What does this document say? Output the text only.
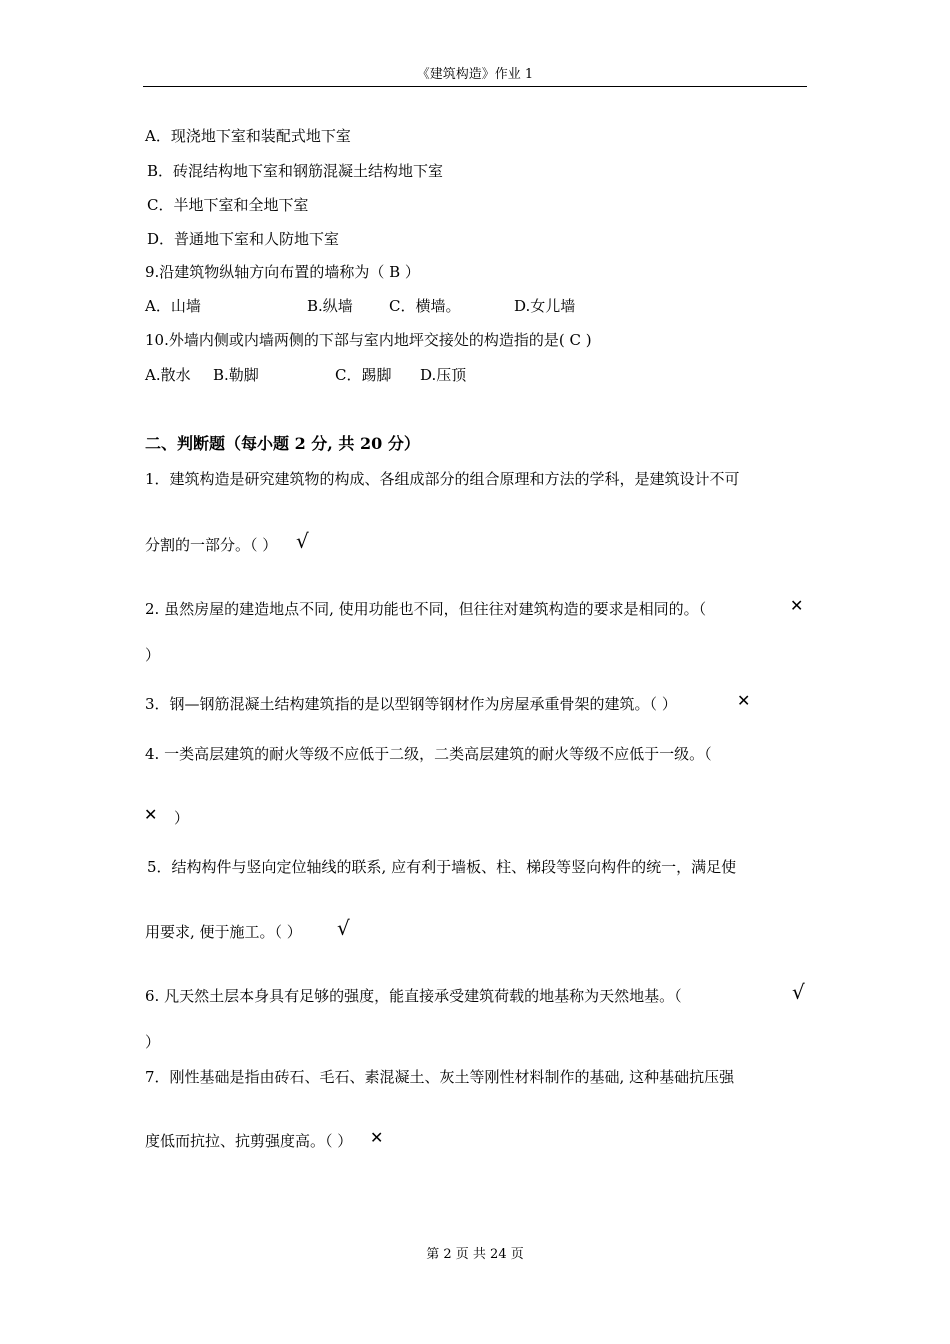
《建筑构造》作业 1
A．现浇地下室和装配式地下室
B．砖混结构地下室和钢筋混凝土结构地下室
C．半地下室和全地下室
D．普通地下室和人防地下室
9.沿建筑物纵轴方向布置的墙称为（ B ）
A．山墙	B.纵墙 C．横墙。	D.女儿墙
10.外墙内侧或内墙两侧的下部与室内地坪交接处的构造指的是( C )
A.散水 B.勒脚	C．踢脚 D.压顶
二、判断题（每小题 2 分, 共 20 分）
1．建筑构造是研究建筑物的构成、各组成部分的组合原理和方法的学科，是建筑设计不可
分割的一部分。（ ） √
2. 虽然房屋的建造地点不同, 使用功能也不同，但往往对建筑构造的要求是相同的。（	✕
）
3．钢—钢筋混凝土结构建筑指的是以型钢等钢材作为房屋承重骨架的建筑。（ ）	✕
4. 一类高层建筑的耐火等级不应低于二级，二类高层建筑的耐火等级不应低于一级。（
✕ ）
5．结构构件与竖向定位轴线的联系, 应有利于墙板、柱、梯段等竖向构件的统一，满足使
用要求, 便于施工。（ ） √
6. 凡天然土层本身具有足够的强度，能直接承受建筑荷载的地基称为天然地基。（	√
）
7．刚性基础是指由砖石、毛石、素混凝土、灰土等刚性材料制作的基础, 这种基础抗压强
度低而抗拉、抗剪强度高。（ ） ✕
第 2 页 共 24 页
